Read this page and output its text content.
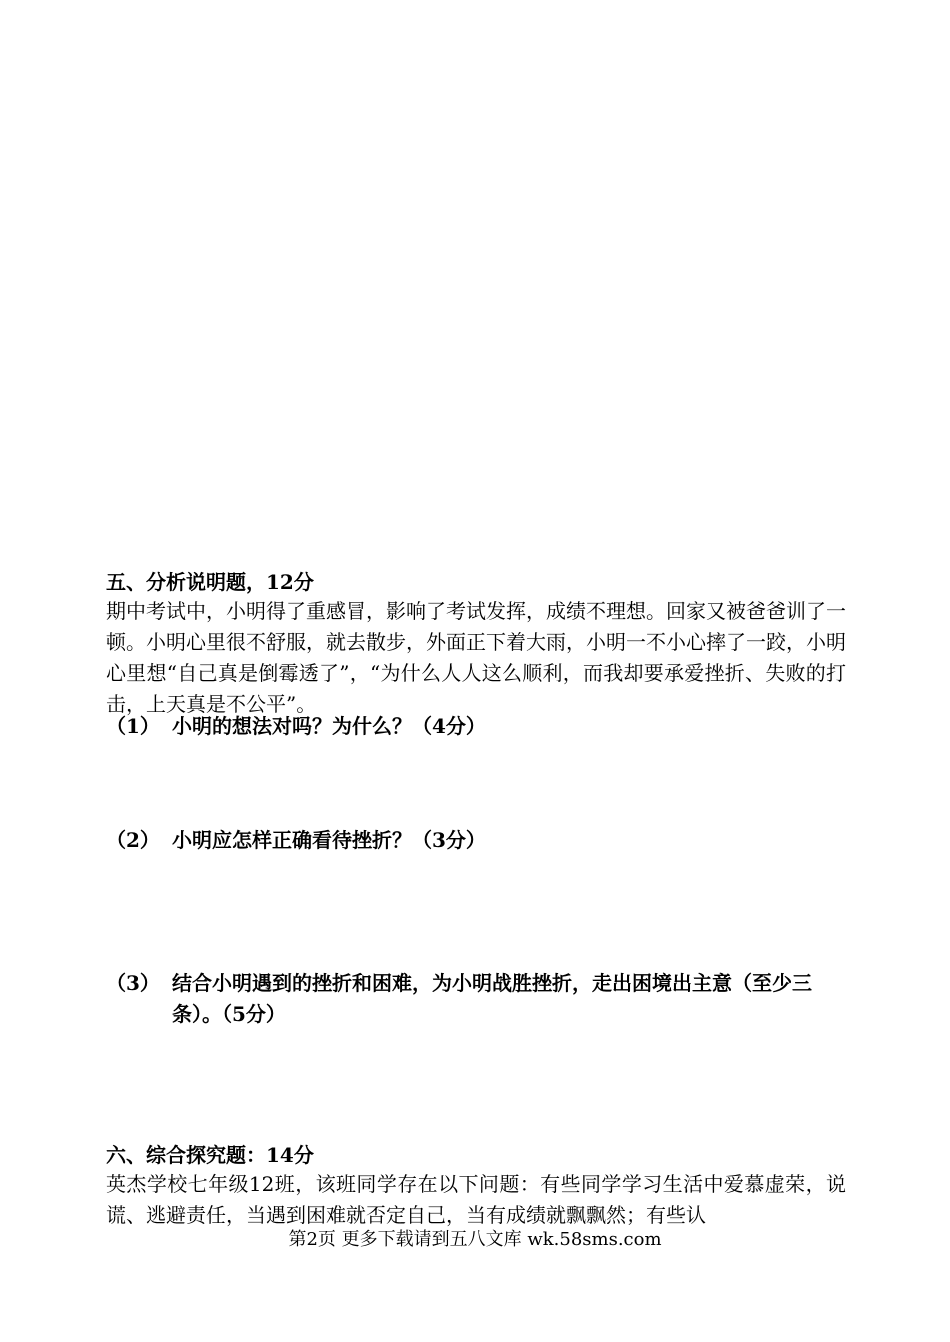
五、分析说明题，12分

期中考试中，小明得了重感冒，影响了考试发挥，成绩不理想。回家又被爸爸训了一顿。小明心里很不舒服，就去散步，外面正下着大雨，小明一不小心摔了一跤，小明心里想“自己真是倒霉透了”，“为什么人人这么顺利，而我却要承爱挫折、失败的打击，上天真是不公平”。

（1） 小明的想法对吗？为什么？（4分）
（2） 小明应怎样正确看待挫折？（3分）
（3） 结合小明遇到的挫折和困难，为小明战胜挫折，走出困境出主意（至少三条）。（5分）

六、综合探究题：14分

英杰学校七年级12班，该班同学存在以下问题：有些同学学习生活中爱慕虚荣，说谎、逃避责任，当遇到困难就否定自己，当有成绩就飘飘然；有些认

第2页 更多下载请到五八文库 wk.58sms.com
